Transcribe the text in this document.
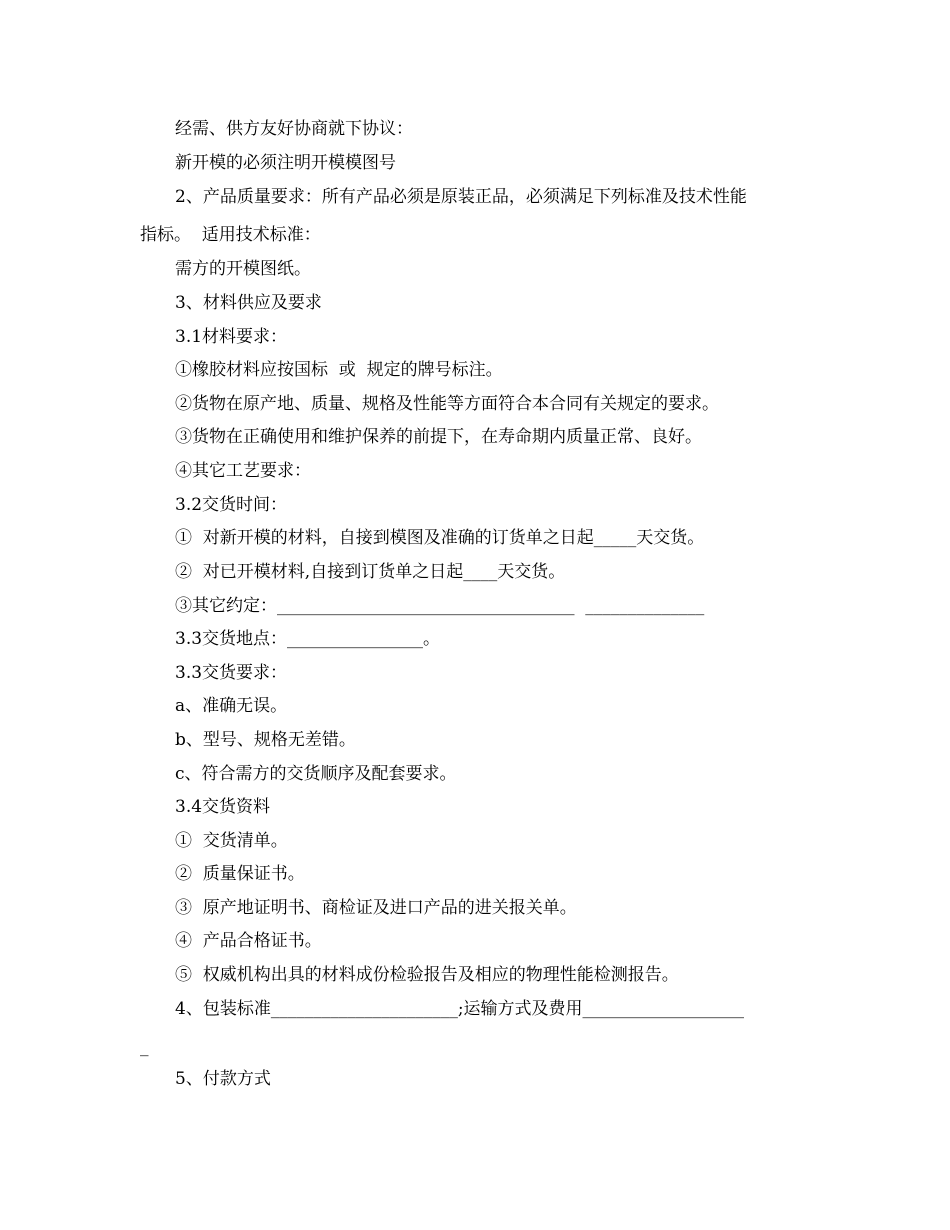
经需、供方友好协商就下协议：
新开模的必须注明开模模图号
2、产品质量要求：所有产品必须是原装正品，必须满足下列标准及技术性能
指标。  适用技术标准：
需方的开模图纸。
3、材料供应及要求
3.1材料要求：
①橡胶材料应按国标  或  规定的牌号标注。
②货物在原产地、质量、规格及性能等方面符合本合同有关规定的要求。
③货物在正确使用和维护保养的前提下，在寿命期内质量正常、良好。
④其它工艺要求：
3.2交货时间：
①  对新开模的材料，自接到模图及准确的订货单之日起_____天交货。
②  对已开模材料,自接到订货单之日起____天交货。
③其它约定：___________________________________  ______________
3.3交货地点：________________。
3.3交货要求：
a、准确无误。
b、型号、规格无差错。
c、符合需方的交货顺序及配套要求。
3.4交货资料
①  交货清单。
②  质量保证书。
③  原产地证明书、商检证及进口产品的进关报关单。
④  产品合格证书。
⑤  权威机构出具的材料成份检验报告及相应的物理性能检测报告。
4、包装标准______________________;运输方式及费用___________________
_
5、付款方式
